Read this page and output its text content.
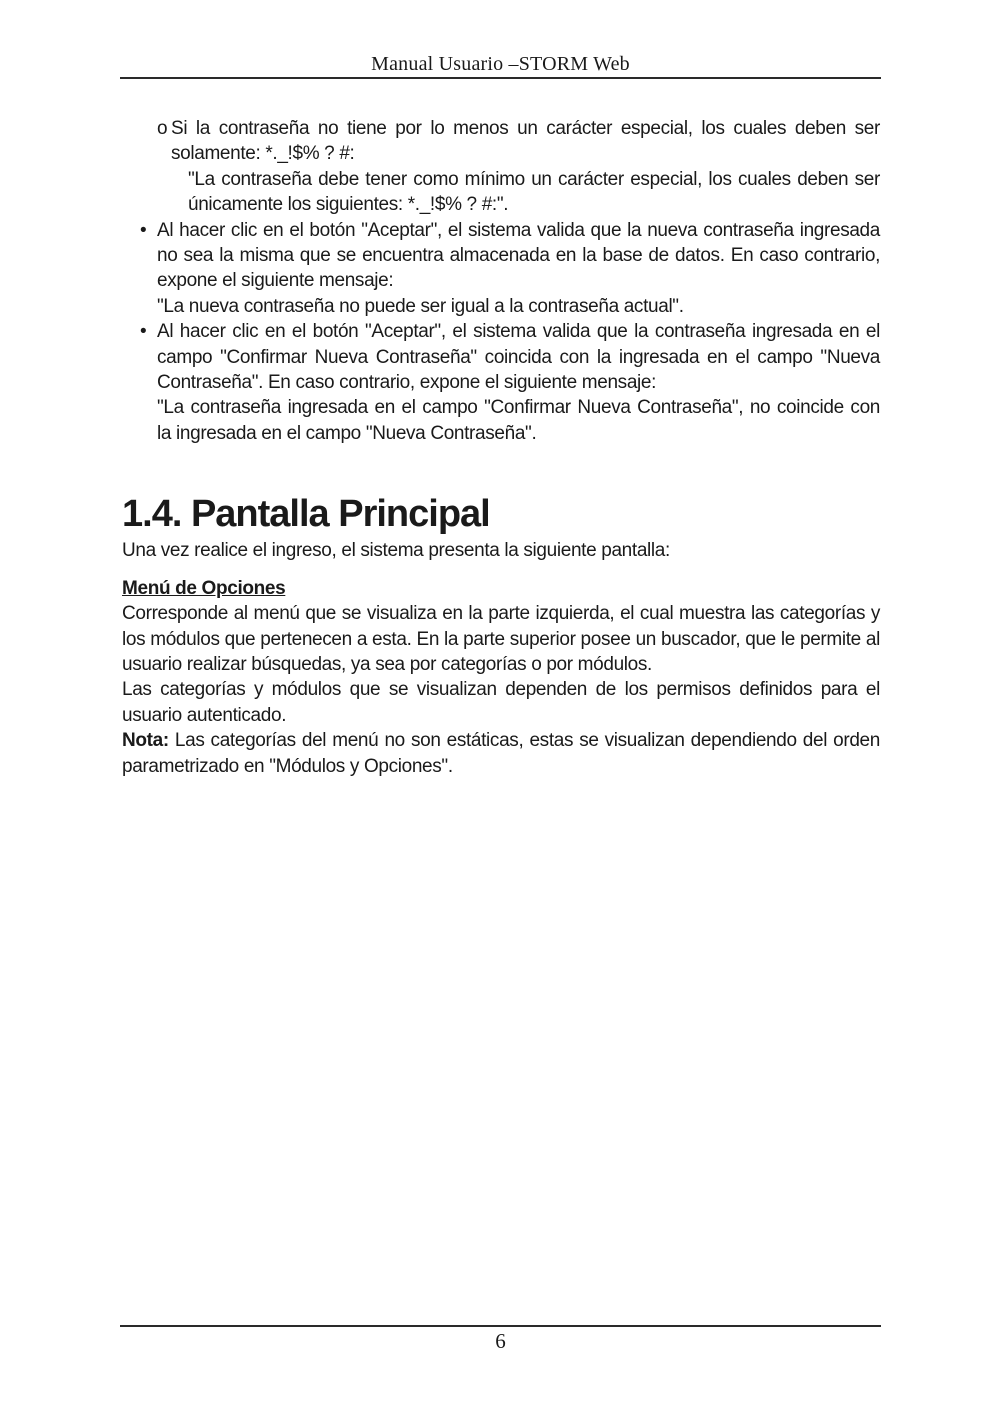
Manual Usuario –STORM Web
o Si la contraseña no tiene por lo menos un carácter especial, los cuales deben ser solamente: *._!$% ? #:
"La contraseña debe tener como mínimo un carácter especial, los cuales deben ser únicamente los siguientes: *._!$% ? #:".
• Al hacer clic en el botón "Aceptar", el sistema valida que la nueva contraseña ingresada no sea la misma que se encuentra almacenada en la base de datos. En caso contrario, expone el siguiente mensaje:
"La nueva contraseña no puede ser igual a la contraseña actual".
• Al hacer clic en el botón "Aceptar", el sistema valida que la contraseña ingresada en el campo "Confirmar Nueva Contraseña" coincida con la ingresada en el campo "Nueva Contraseña". En caso contrario, expone el siguiente mensaje:
"La contraseña ingresada en el campo "Confirmar Nueva Contraseña", no coincide con la ingresada en el campo "Nueva Contraseña".
1.4. Pantalla Principal

Una vez realice el ingreso, el sistema presenta la siguiente pantalla:

Menú de Opciones

Corresponde al menú que se visualiza en la parte izquierda, el cual muestra las categorías y los módulos que pertenecen a esta. En la parte superior posee un buscador, que le permite al usuario realizar búsquedas, ya sea por categorías o por módulos.

Las categorías y módulos que se visualizan dependen de los permisos definidos para el usuario autenticado.

Nota: Las categorías del menú no son estáticas, estas se visualizan dependiendo del orden parametrizado en "Módulos y Opciones".

6
